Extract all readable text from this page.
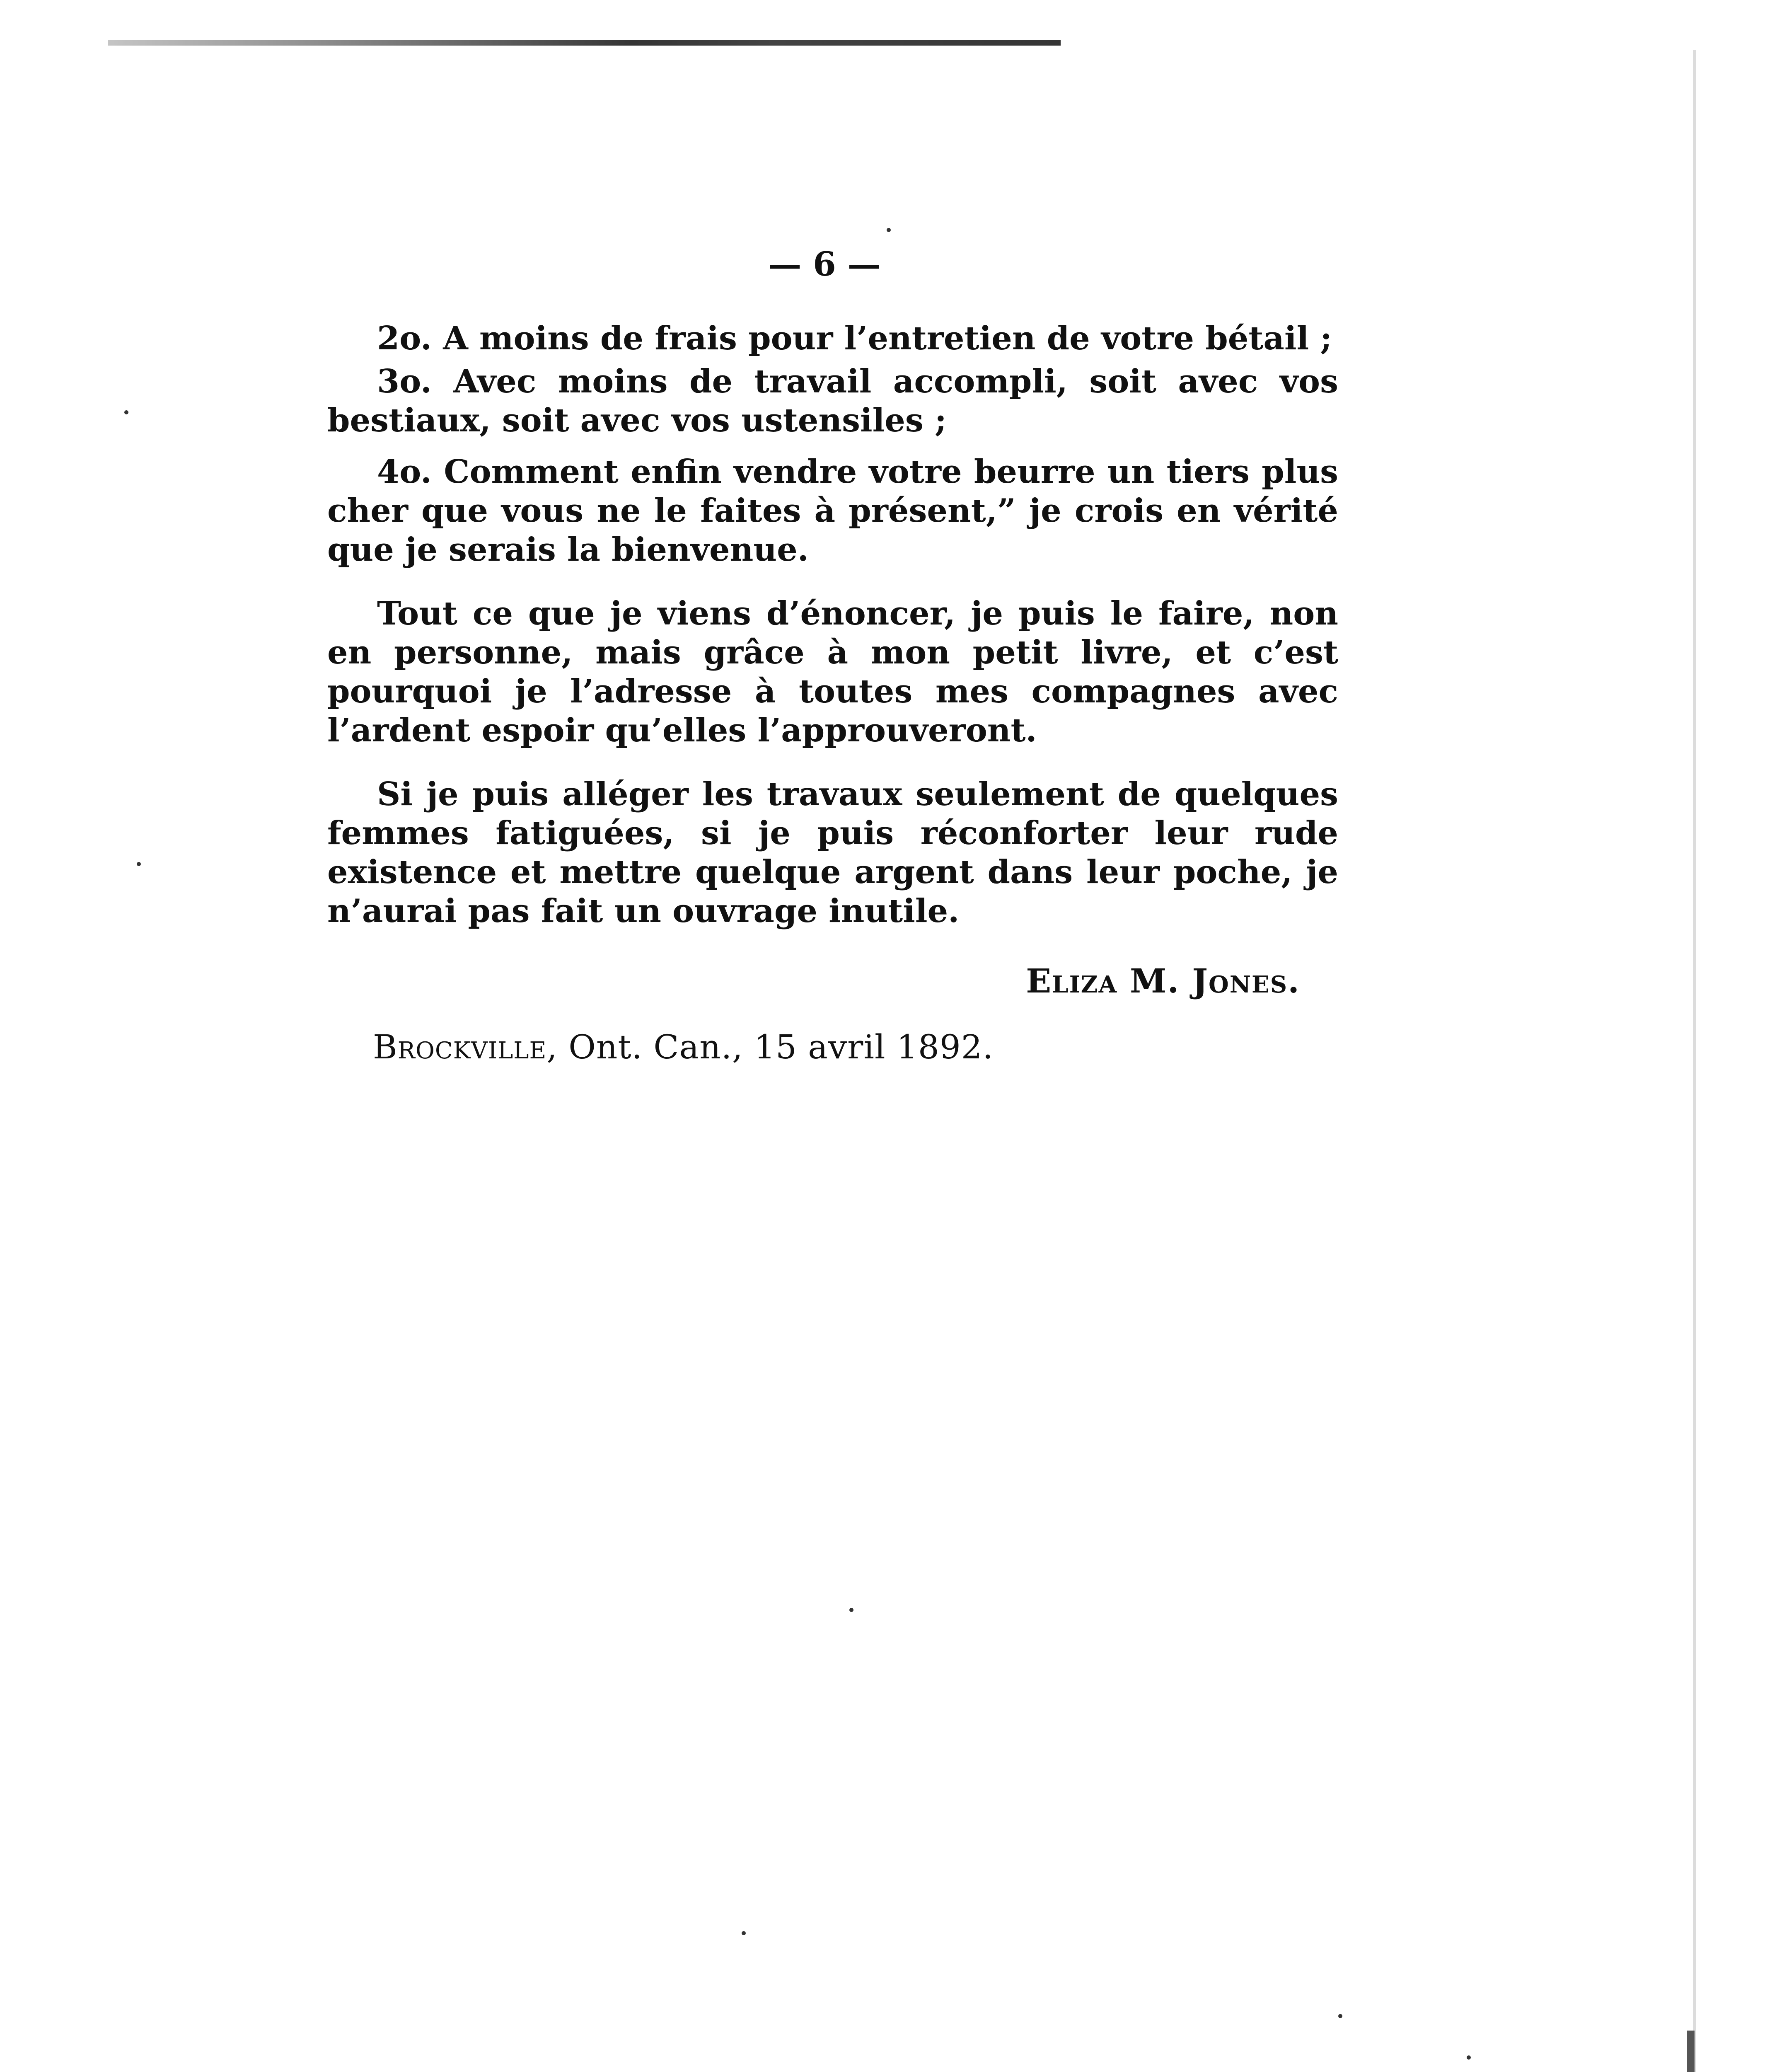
— 6 —

2o. A moins de frais pour l’entretien de votre bétail ;

3o. Avec moins de travail accompli, soit avec vos bestiaux, soit avec vos ustensiles ;

4o. Comment enfin vendre votre beurre un tiers plus cher que vous ne le faites à présent,” je crois en vérité que je serais la bienvenue.

Tout ce que je viens d’énoncer, je puis le faire, non en personne, mais grâce à mon petit livre, et c’est pourquoi je l’adresse à toutes mes compagnes avec l’ardent espoir qu’elles l’approuveront.

Si je puis alléger les travaux seulement de quelques femmes fatiguées, si je puis réconforter leur rude existence et mettre quelque argent dans leur poche, je n’aurai pas fait un ouvrage inutile.

Eliza M. Jones.
Brockville, Ont. Can., 15 avril 1892.
